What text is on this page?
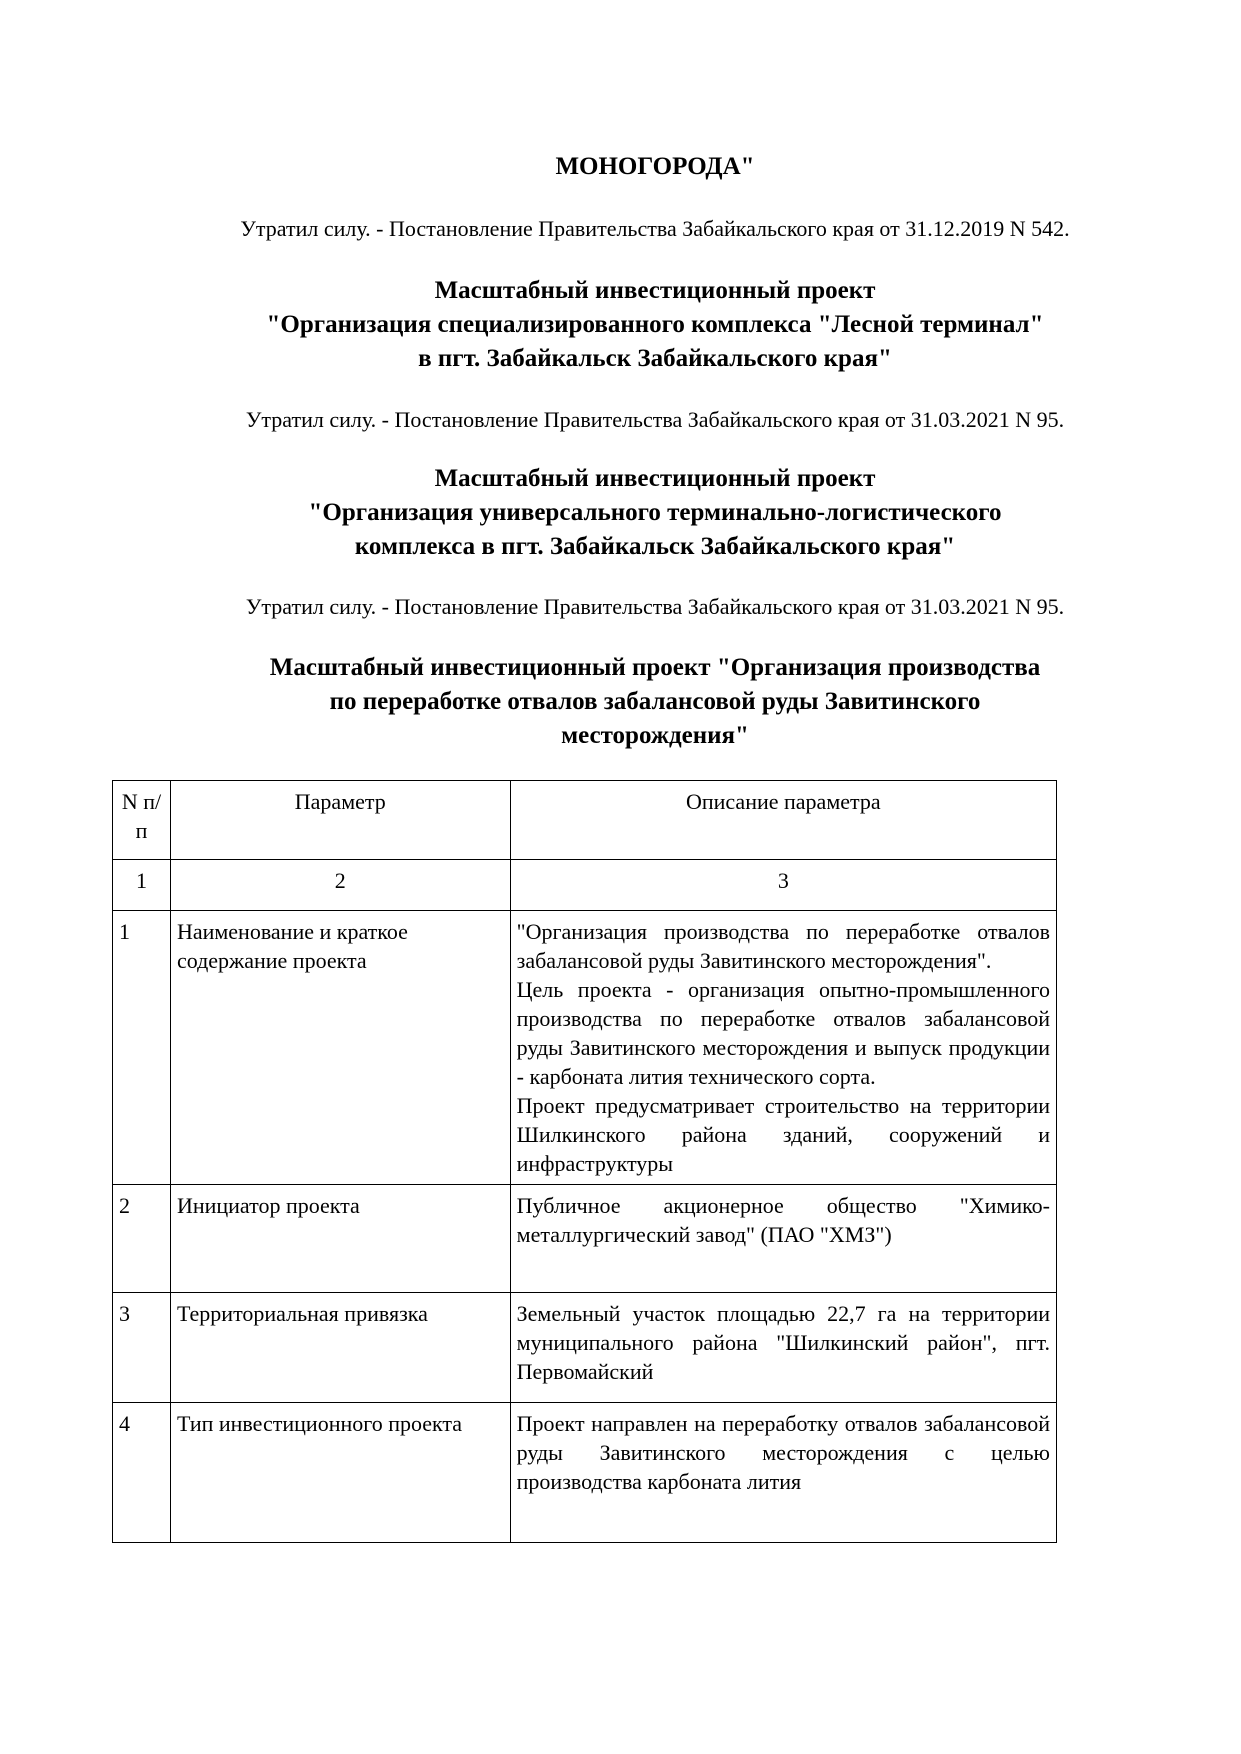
МОНОГОРОДА"
Утратил силу. - Постановление Правительства Забайкальского края от 31.12.2019 N 542.
Масштабный инвестиционный проект
"Организация специализированного комплекса "Лесной терминал"
в пгт. Забайкальск Забайкальского края"
Утратил силу. - Постановление Правительства Забайкальского края от 31.03.2021 N 95.
Масштабный инвестиционный проект
"Организация универсального терминально-логистического
комплекса в пгт. Забайкальск Забайкальского края"
Утратил силу. - Постановление Правительства Забайкальского края от 31.03.2021 N 95.
Масштабный инвестиционный проект "Организация производства
по переработке отвалов забалансовой руды Завитинского
месторождения"
N п/п	Параметр	Описание параметра
1	2	3
1	Наименование и краткое содержание проекта	"Организация производства по переработке отвалов забалансовой руды Завитинского месторождения".
Цель проекта - организация опытно-промышленного производства по переработке отвалов забалансовой руды Завитинского месторождения и выпуск продукции - карбоната лития технического сорта.
Проект предусматривает строительство на территории Шилкинского района зданий, сооружений и инфраструктуры

2	Инициатор проекта	Публичное акционерное общество "Химико-металлургический завод" (ПАО "ХМЗ")

3	Территориальная привязка	Земельный участок площадью 22,7 га на территории муниципального района "Шилкинский район", пгт. Первомайский

4	Тип инвестиционного проекта	Проект направлен на переработку отвалов забалансовой руды Завитинского месторождения с целью производства карбоната лития
